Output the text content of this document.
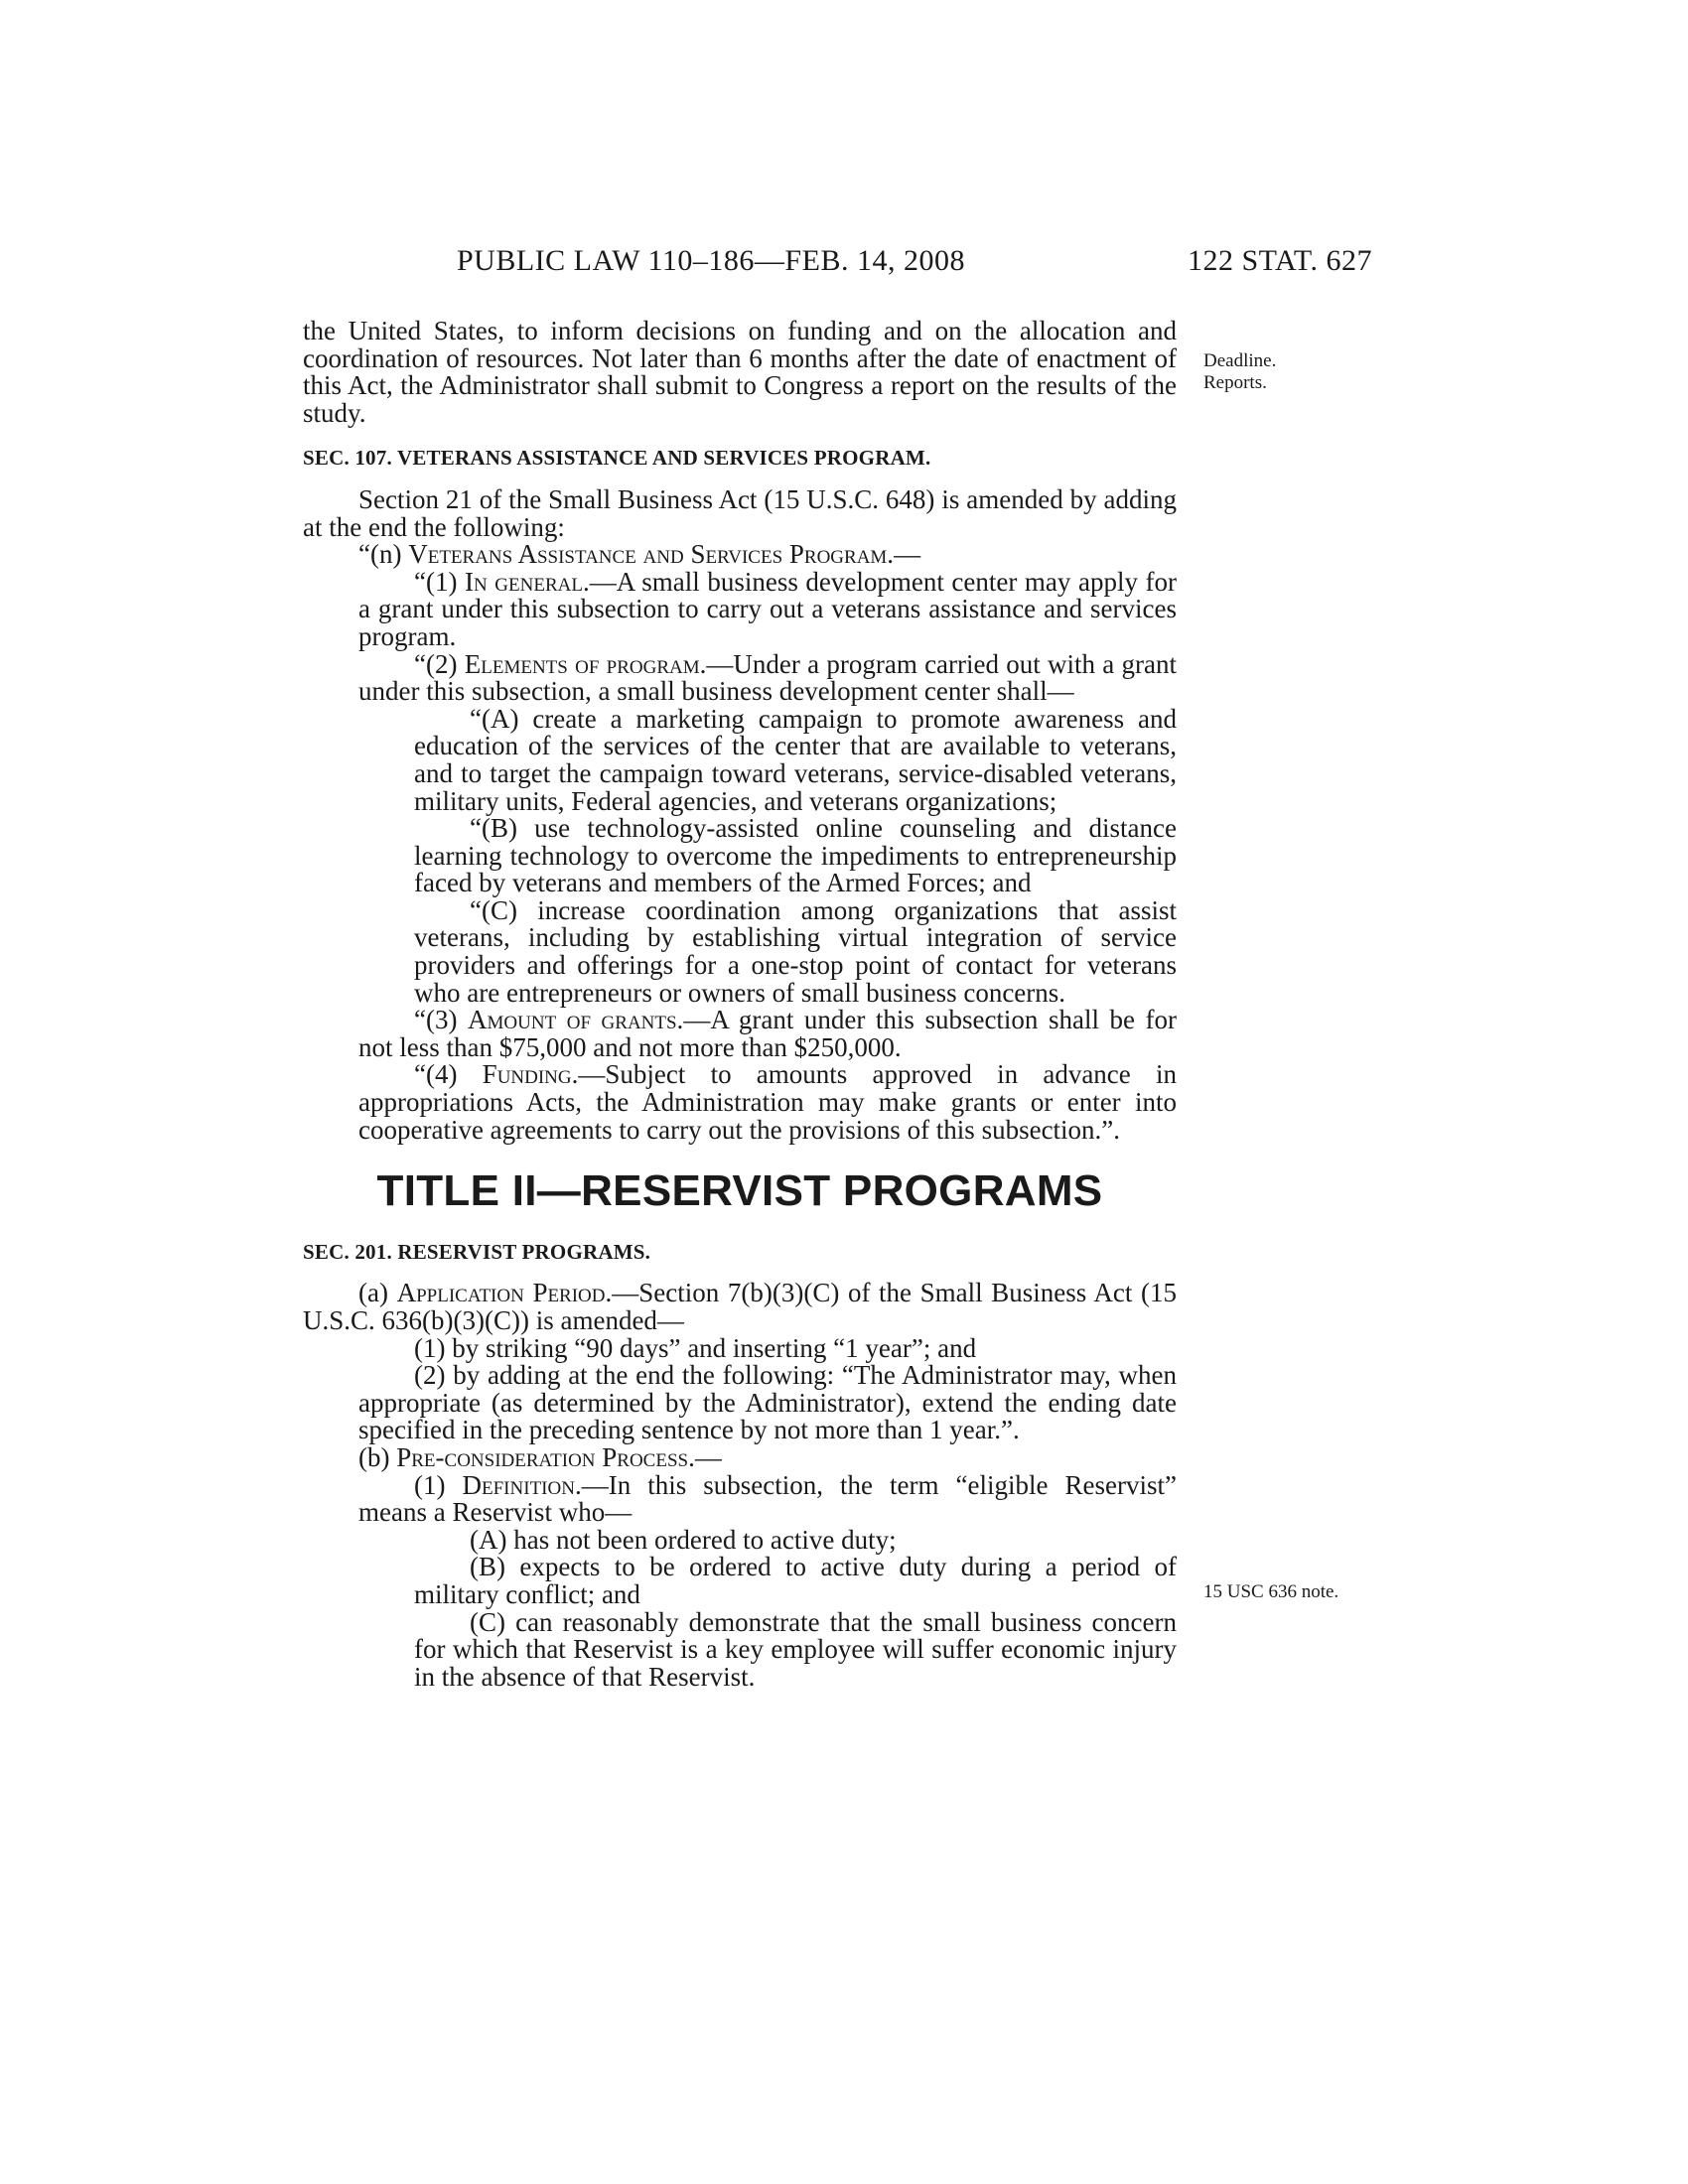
PUBLIC LAW 110–186—FEB. 14, 2008	122 STAT. 627
Deadline.
Reports.
15 USC 636 note.

the United States, to inform decisions on funding and on the allocation and coordination of resources. Not later than 6 months after the date of enactment of this Act, the Administrator shall submit to Congress a report on the results of the study.

SEC. 107. VETERANS ASSISTANCE AND SERVICES PROGRAM.

Section 21 of the Small Business Act (15 U.S.C. 648) is amended by adding at the end the following:

“(n) Veterans Assistance and Services Program.—

“(1) In general.—A small business development center may apply for a grant under this subsection to carry out a veterans assistance and services program.

“(2) Elements of program.—Under a program carried out with a grant under this subsection, a small business development center shall—

“(A) create a marketing campaign to promote awareness and education of the services of the center that are available to veterans, and to target the campaign toward veterans, service-disabled veterans, military units, Federal agencies, and veterans organizations;

“(B) use technology-assisted online counseling and distance learning technology to overcome the impediments to entrepreneurship faced by veterans and members of the Armed Forces; and

“(C) increase coordination among organizations that assist veterans, including by establishing virtual integration of service providers and offerings for a one-stop point of contact for veterans who are entrepreneurs or owners of small business concerns.

“(3) Amount of grants.—A grant under this subsection shall be for not less than $75,000 and not more than $250,000.

“(4) Funding.—Subject to amounts approved in advance in appropriations Acts, the Administration may make grants or enter into cooperative agreements to carry out the provisions of this subsection.”.

TITLE II—RESERVIST PROGRAMS
SEC. 201. RESERVIST PROGRAMS.

(a) Application Period.—Section 7(b)(3)(C) of the Small Business Act (15 U.S.C. 636(b)(3)(C)) is amended—

(1) by striking “90 days” and inserting “1 year”; and

(2) by adding at the end the following: “The Administrator may, when appropriate (as determined by the Administrator), extend the ending date specified in the preceding sentence by not more than 1 year.”.

(b) Pre-consideration Process.—

(1) Definition.—In this subsection, the term “eligible Reservist” means a Reservist who—

(A) has not been ordered to active duty;

(B) expects to be ordered to active duty during a period of military conflict; and

(C) can reasonably demonstrate that the small business concern for which that Reservist is a key employee will suffer economic injury in the absence of that Reservist.
